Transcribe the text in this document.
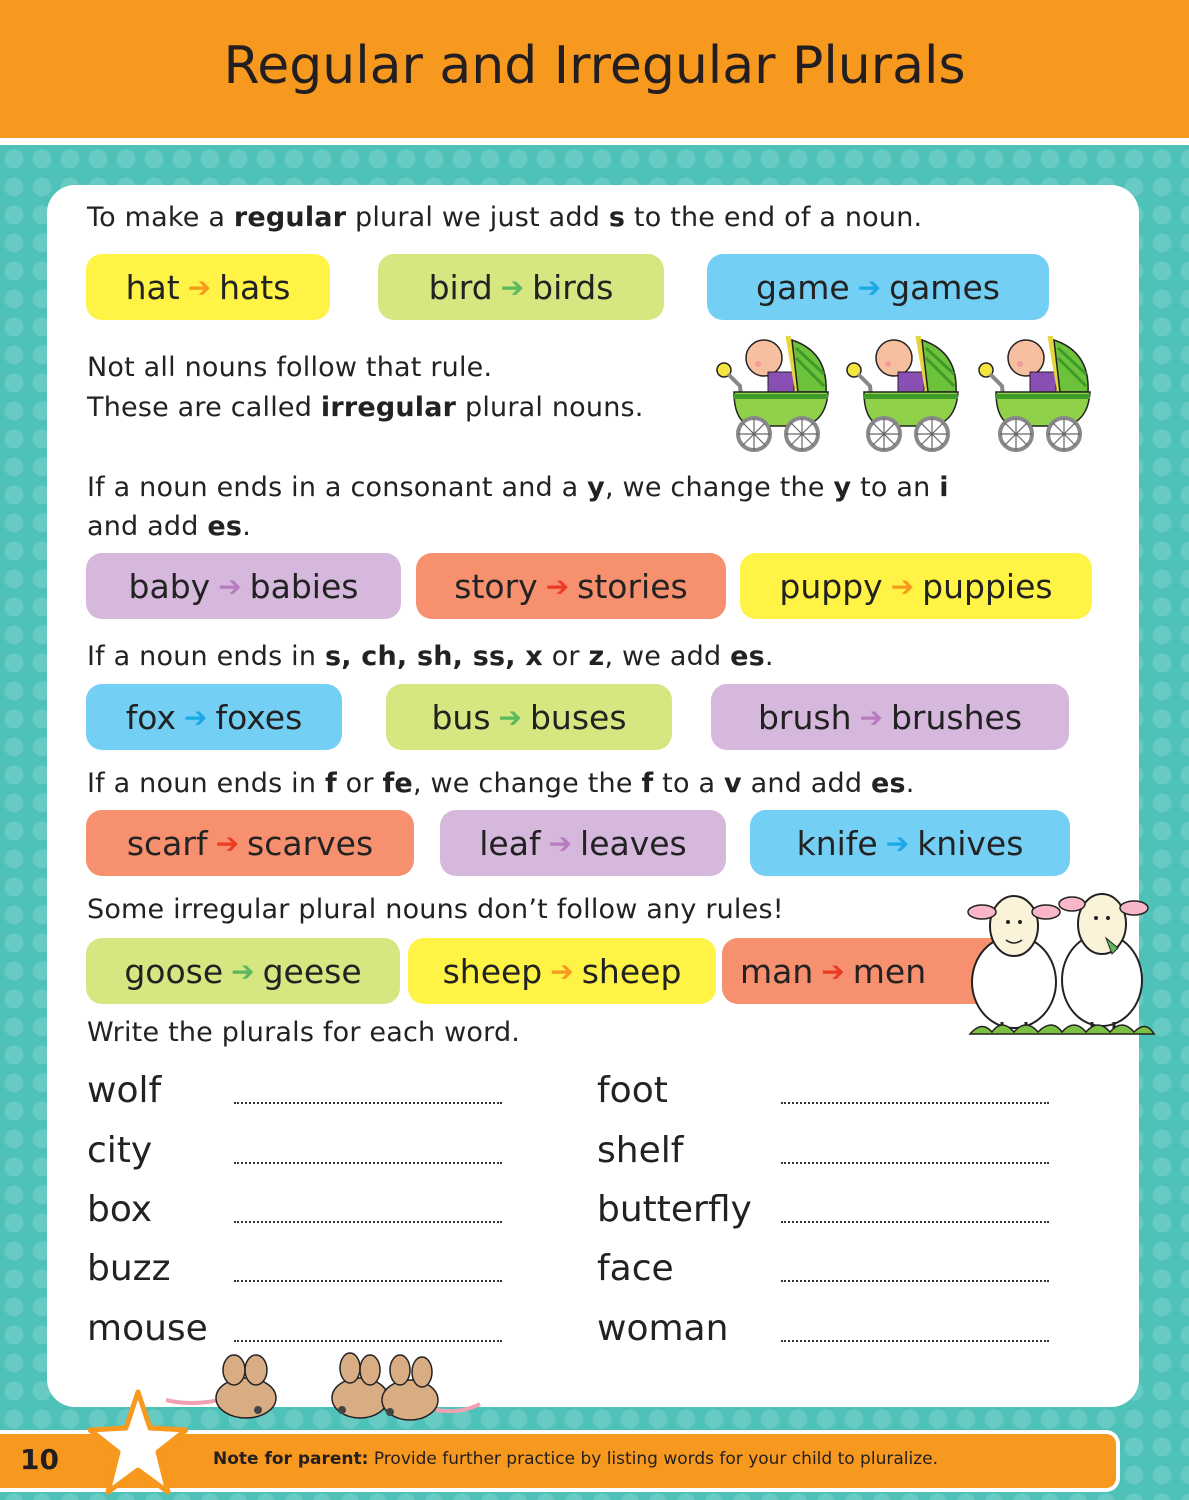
Regular and Irregular Plurals
To make a regular plural we just add s to the end of a noun.
hat ➔ hats	bird ➔ birds	game ➔ games
Not all nouns follow that rule.
These are called irregular plural nouns.
If a noun ends in a consonant and a y, we change the y to an i
and add es.
baby ➔ babies	story ➔ stories	puppy ➔ puppies
If a noun ends in s, ch, sh, ss, x or z, we add es.
fox ➔ foxes	bus ➔ buses	brush ➔ brushes
If a noun ends in f or fe, we change the f to a v and add es.
scarf ➔ scarves	leaf ➔ leaves	knife ➔ knives
Some irregular plural nouns don’t follow any rules!
goose ➔ geese sheep ➔ sheep man ➔ men
Write the plurals for each word.
wolf
city
box
buzz
mouse
foot
shelf
butterfly
face
woman
10	Note for parent: Provide further practice by listing words for your child to pluralize.
